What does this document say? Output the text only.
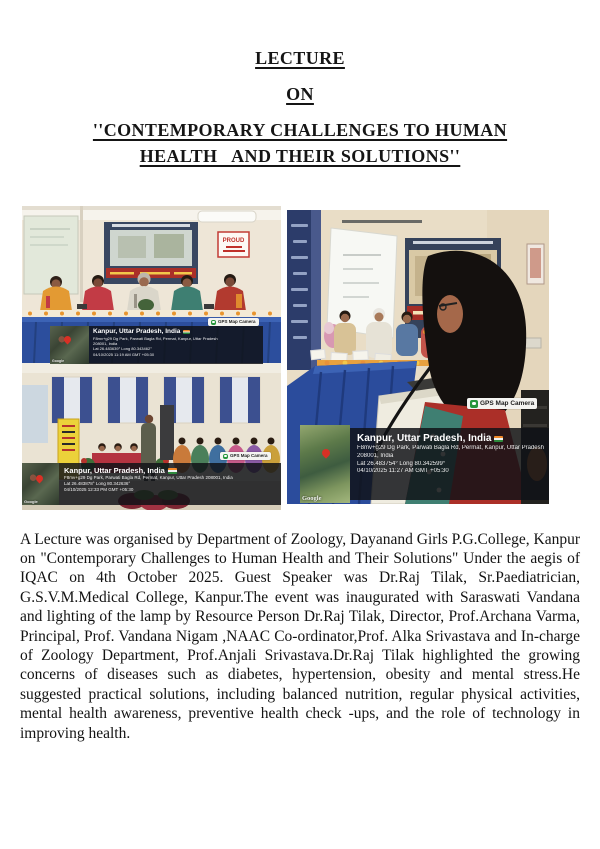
LECTURE
ON
''CONTEMPORARY CHALLENGES TO HUMAN
HEALTH   AND THEIR SOLUTIONS''
PROUD
GPS Map Camera
Google
Kanpur, Uttar Pradesh, India
F8mv+g29 Dg Park, Parwati Bagla Rd, Permat, Kanpur, Uttar Pradesh
208001, India
Lat 26.483639° Long 80.343462°
04/10/2025 11:19 AM GMT +05:30
GPS Map Camera
Google
Kanpur, Uttar Pradesh, India
F8mv+g29 Dg Park, Parwati Bagla Rd, Permat, Kanpur, Uttar Pradesh 208001, India
Lat 26.483878° Long 80.342636°
04/10/2025 12:33 PM GMT +05:30
GPS Map Camera
Google
Kanpur, Uttar Pradesh, India
F8mv+g29 Dg Park, Parwati Bagla Rd, Permat, Kanpur, Uttar Pradesh
208001, India
Lat 26.483754° Long 80.342599°
04/10/2025 11:27 AM GMT +05:30

A Lecture was organised by Department of Zoology, Dayanand Girls P.G.College, Kanpur on "Contemporary Challenges to Human Health and Their Solutions" Under the aegis of IQAC on 4th October 2025. Guest Speaker was Dr.Raj Tilak, Sr.Paediatrician, G.S.V.M.Medical College, Kanpur.The event was inaugurated with Saraswati Vandana and lighting of the lamp by Resource Person Dr.Raj Tilak, Director, Prof.Archana Varma, Principal, Prof. Vandana Nigam ,NAAC Co-ordinator,Prof. Alka Srivastava and In-charge of Zoology Department, Prof.Anjali Srivastava.Dr.Raj Tilak highlighted the growing concerns of diseases such as diabetes, hypertension, obesity and mental stress.He suggested practical solutions, including balanced nutrition, regular physical activities, mental health awareness, preventive health check -ups, and the role of technology in improving health.
